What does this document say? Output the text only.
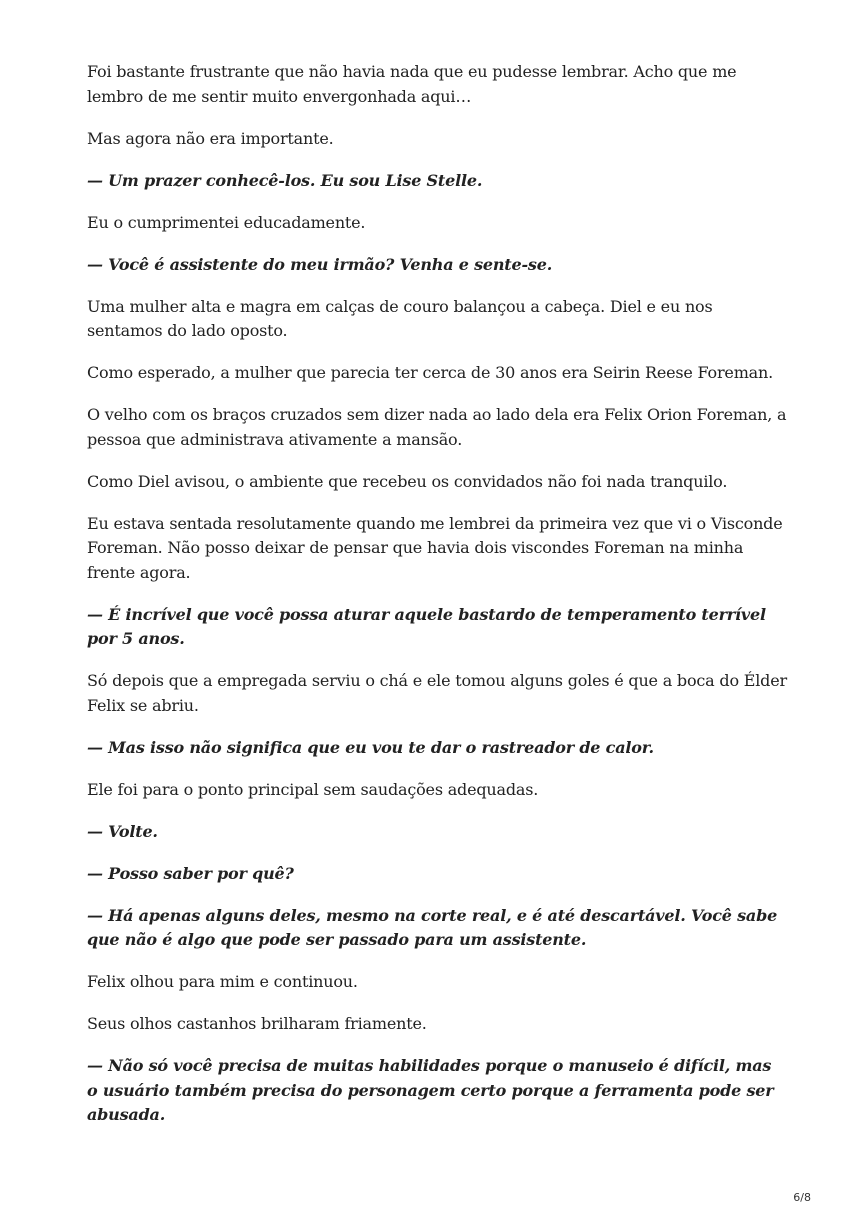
Foi bastante frustrante que não havia nada que eu pudesse lembrar. Acho que me lembro de me sentir muito envergonhada aqui…

Mas agora não era importante.

— Um prazer conhecê-los. Eu sou Lise Stelle.

Eu o cumprimentei educadamente.

— Você é assistente do meu irmão? Venha e sente-se.

Uma mulher alta e magra em calças de couro balançou a cabeça. Diel e eu nos sentamos do lado oposto.

Como esperado, a mulher que parecia ter cerca de 30 anos era Seirin Reese Foreman.

O velho com os braços cruzados sem dizer nada ao lado dela era Felix Orion Foreman, a pessoa que administrava ativamente a mansão.

Como Diel avisou, o ambiente que recebeu os convidados não foi nada tranquilo.

Eu estava sentada resolutamente quando me lembrei da primeira vez que vi o Visconde Foreman. Não posso deixar de pensar que havia dois viscondes Foreman na minha frente agora.

— É incrível que você possa aturar aquele bastardo de temperamento terrível por 5 anos.

Só depois que a empregada serviu o chá e ele tomou alguns goles é que a boca do Élder Felix se abriu.

— Mas isso não significa que eu vou te dar o rastreador de calor.

Ele foi para o ponto principal sem saudações adequadas.

— Volte.

— Posso saber por quê?

— Há apenas alguns deles, mesmo na corte real, e é até descartável. Você sabe que não é algo que pode ser passado para um assistente.

Felix olhou para mim e continuou.

Seus olhos castanhos brilharam friamente.

— Não só você precisa de muitas habilidades porque o manuseio é difícil, mas o usuário também precisa do personagem certo porque a ferramenta pode ser abusada.

6/8
